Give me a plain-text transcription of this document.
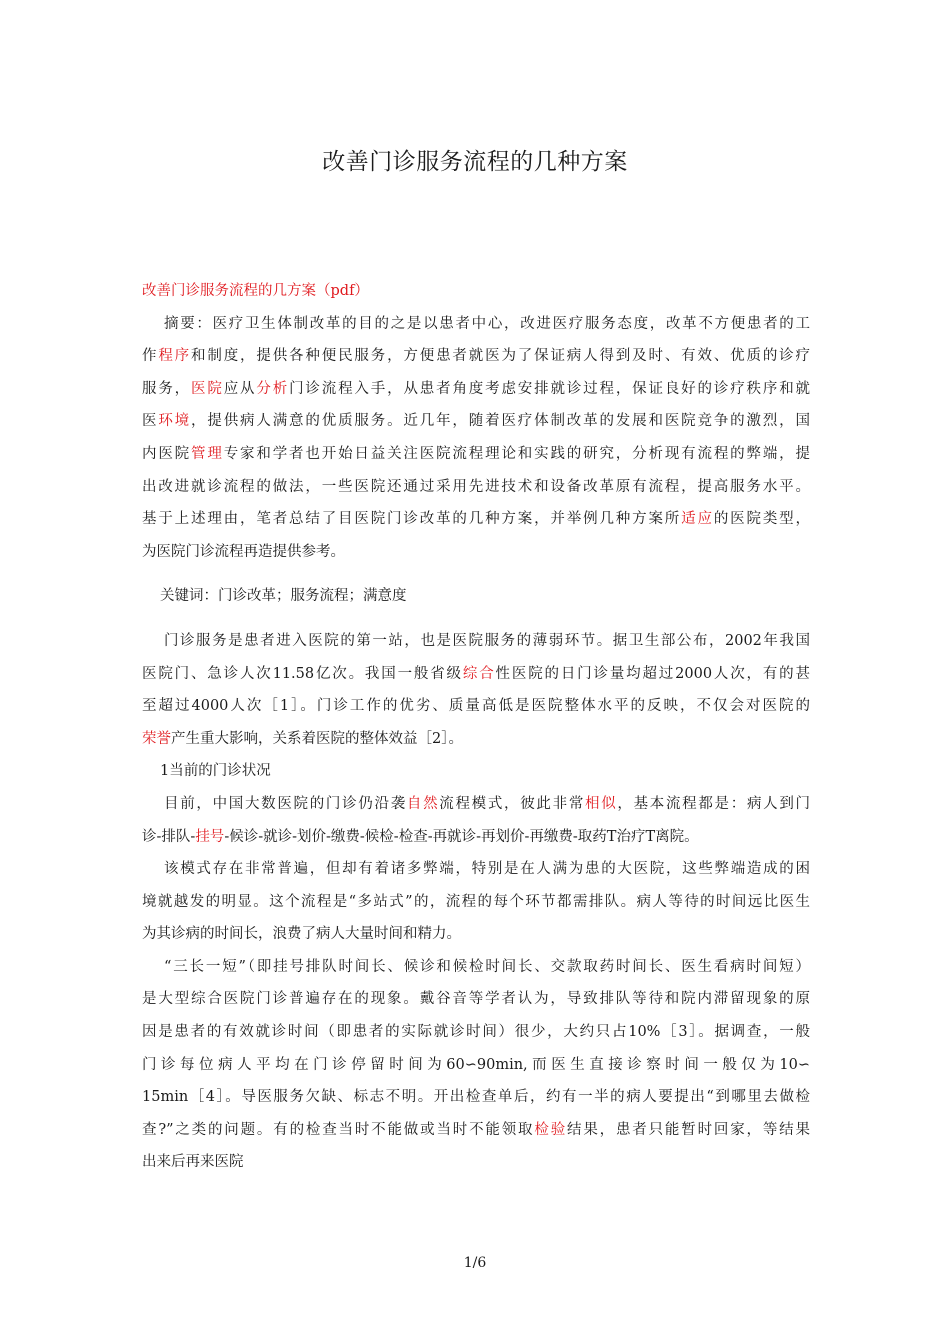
改善门诊服务流程的几种方案
改善门诊服务流程的几方案（pdf）
摘要：医疗卫生体制改革的目的之是以患者中心，改进医疗服务态度，改革不方便患者的工
作程序和制度，提供各种便民服务，方便患者就医为了保证病人得到及时、有效、优质的诊疗
服务，医院应从分析门诊流程入手，从患者角度考虑安排就诊过程，保证良好的诊疗秩序和就
医环境，提供病人满意的优质服务。近几年，随着医疗体制改革的发展和医院竞争的激烈，国
内医院管理专家和学者也开始日益关注医院流程理论和实践的研究，分析现有流程的弊端，提
出改进就诊流程的做法，一些医院还通过采用先进技术和设备改革原有流程，提高服务水平。
基于上述理由，笔者总结了目医院门诊改革的几种方案，并举例几种方案所适应的医院类型，
为医院门诊流程再造提供参考。
关键词：门诊改革；服务流程；满意度
门诊服务是患者进入医院的第一站，也是医院服务的薄弱环节。据卫生部公布，2002年我国
医院门、急诊人次11.58亿次。我国一般省级综合性医院的日门诊量均超过2000人次，有的甚
至超过4000人次［1］。门诊工作的优劣、质量高低是医院整体水平的反映，不仅会对医院的
荣誉产生重大影响，关系着医院的整体效益［2］。
1当前的门诊状况
目前，中国大数医院的门诊仍沿袭自然流程模式，彼此非常相似，基本流程都是：病人到门
诊-排队-挂号-候诊-就诊-划价-缴费-候检-检查-再就诊-再划价-再缴费-取药T治疗T离院。
该模式存在非常普遍，但却有着诸多弊端，特别是在人满为患的大医院，这些弊端造成的困
境就越发的明显。这个流程是“多站式”的，流程的每个环节都需排队。病人等待的时间远比医生
为其诊病的时间长，浪费了病人大量时间和精力。
“三长一短”（即挂号排队时间长、候诊和候检时间长、交款取药时间长、医生看病时间短）
是大型综合医院门诊普遍存在的现象。戴谷音等学者认为，导致排队等待和院内滞留现象的原
因是患者的有效就诊时间（即患者的实际就诊时间）很少，大约只占10%［3］。据调查，一般
门诊每位病人平均在门诊停留时间为60∽90min,而医生直接诊察时间一般仅为10∽
15min［4］。导医服务欠缺、标志不明。开出检查单后，约有一半的病人要提出“到哪里去做检
查?”之类的问题。有的检查当时不能做或当时不能领取检验结果，患者只能暂时回家，等结果
出来后再来医院
1/6
